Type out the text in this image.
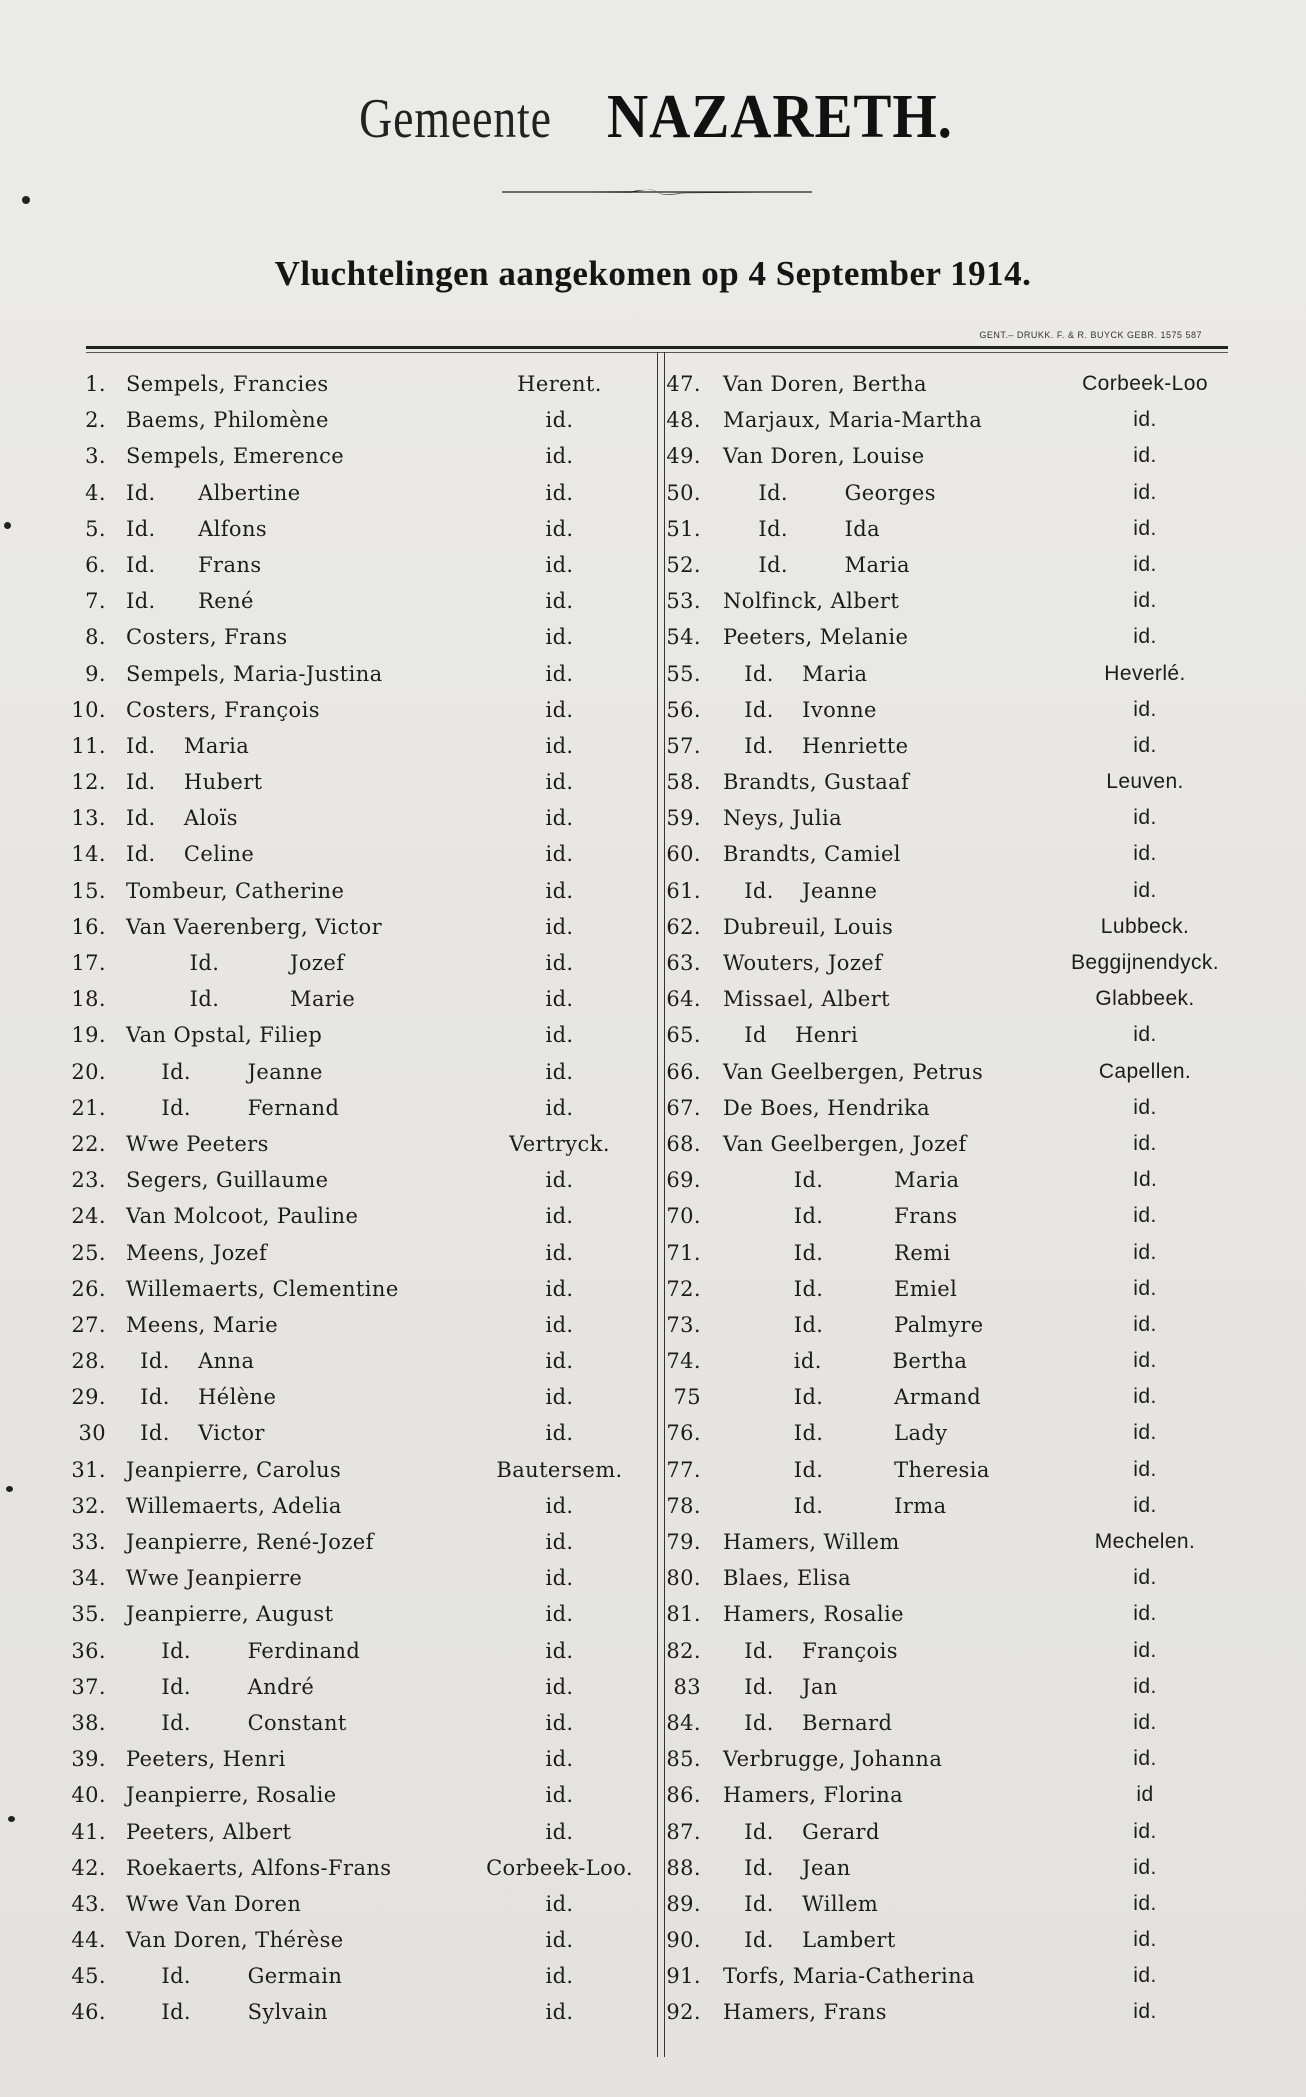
Gemeente NAZARETH.
Vluchtelingen aangekomen op 4 September 1914.
GENT.– DRUKK. F. & R. BUYCK GEBR. 1575 587
1. Sempels, Francies	Herent.
2. Baems, Philomène	id.
3. Sempels, Emerence	id.
4. Id.      Albertine	id.
5. Id.      Alfons	id.
6. Id.      Frans	id.
7. Id.      René	id.
8. Costers, Frans	id.
9. Sempels, Maria-Justina	id.
10. Costers, François	id.
11. Id.    Maria	id.
12. Id.    Hubert	id.
13. Id.    Aloïs	id.
14. Id.    Celine	id.
15. Tombeur, Catherine	id.
16. Van Vaerenberg, Victor	id.
17. Id.          Jozef	id.
18. Id.          Marie	id.
19. Van Opstal, Filiep	id.
20. Id.        Jeanne	id.
21. Id.        Fernand	id.
22. Wwe Peeters	Vertryck.
23. Segers, Guillaume	id.
24. Van Molcoot, Pauline	id.
25. Meens, Jozef	id.
26. Willemaerts, Clementine	id.
27. Meens, Marie	id.
28. Id.    Anna	id.
29. Id.    Hélène	id.
30 Id.    Victor	id.
31. Jeanpierre, Carolus	Bautersem.
32. Willemaerts, Adelia	id.
33. Jeanpierre, René-Jozef	id.
34. Wwe Jeanpierre	id.
35. Jeanpierre, August	id.
36. Id.        Ferdinand	id.
37. Id.        André	id.
38. Id.        Constant	id.
39. Peeters, Henri	id.
40. Jeanpierre, Rosalie	id.
41. Peeters, Albert	id.
42. Roekaerts, Alfons-Frans	Corbeek-Loo.
43. Wwe Van Doren	id.
44. Van Doren, Thérèse	id.
45. Id.        Germain	id.
46. Id.        Sylvain	id.
47. Van Doren, Bertha	Corbeek-Loo
48. Marjaux, Maria-Martha	id.
49. Van Doren, Louise	id.
50. Id.        Georges	id.
51. Id.        Ida	id.
52. Id.        Maria	id.
53. Nolfinck, Albert	id.
54. Peeters, Melanie	id.
55. Id.    Maria	Heverlé.
56. Id.    Ivonne	id.
57. Id.    Henriette	id.
58. Brandts, Gustaaf	Leuven.
59. Neys, Julia	id.
60. Brandts, Camiel	id.
61. Id.    Jeanne	id.
62. Dubreuil, Louis	Lubbeck.
63. Wouters, Jozef	Beggijnendyck.
64. Missael, Albert	Glabbeek.
65. Id    Henri	id.
66. Van Geelbergen, Petrus	Capellen.
67. De Boes, Hendrika	id.
68. Van Geelbergen, Jozef	id.
69. Id.          Maria	Id.
70. Id.          Frans	id.
71. Id.          Remi	id.
72. Id.          Emiel	id.
73. Id.          Palmyre	id.
74. id.          Bertha	id.
75 Id.          Armand	id.
76. Id.          Lady	id.
77. Id.          Theresia	id.
78. Id.          Irma	id.
79. Hamers, Willem	Mechelen.
80. Blaes, Elisa	id.
81. Hamers, Rosalie	id.
82. Id.    François	id.
83 Id.    Jan	id.
84. Id.    Bernard	id.
85. Verbrugge, Johanna	id.
86. Hamers, Florina	id
87. Id.    Gerard	id.
88. Id.    Jean	id.
89. Id.    Willem	id.
90. Id.    Lambert	id.
91. Torfs, Maria-Catherina	id.
92. Hamers, Frans	id.
